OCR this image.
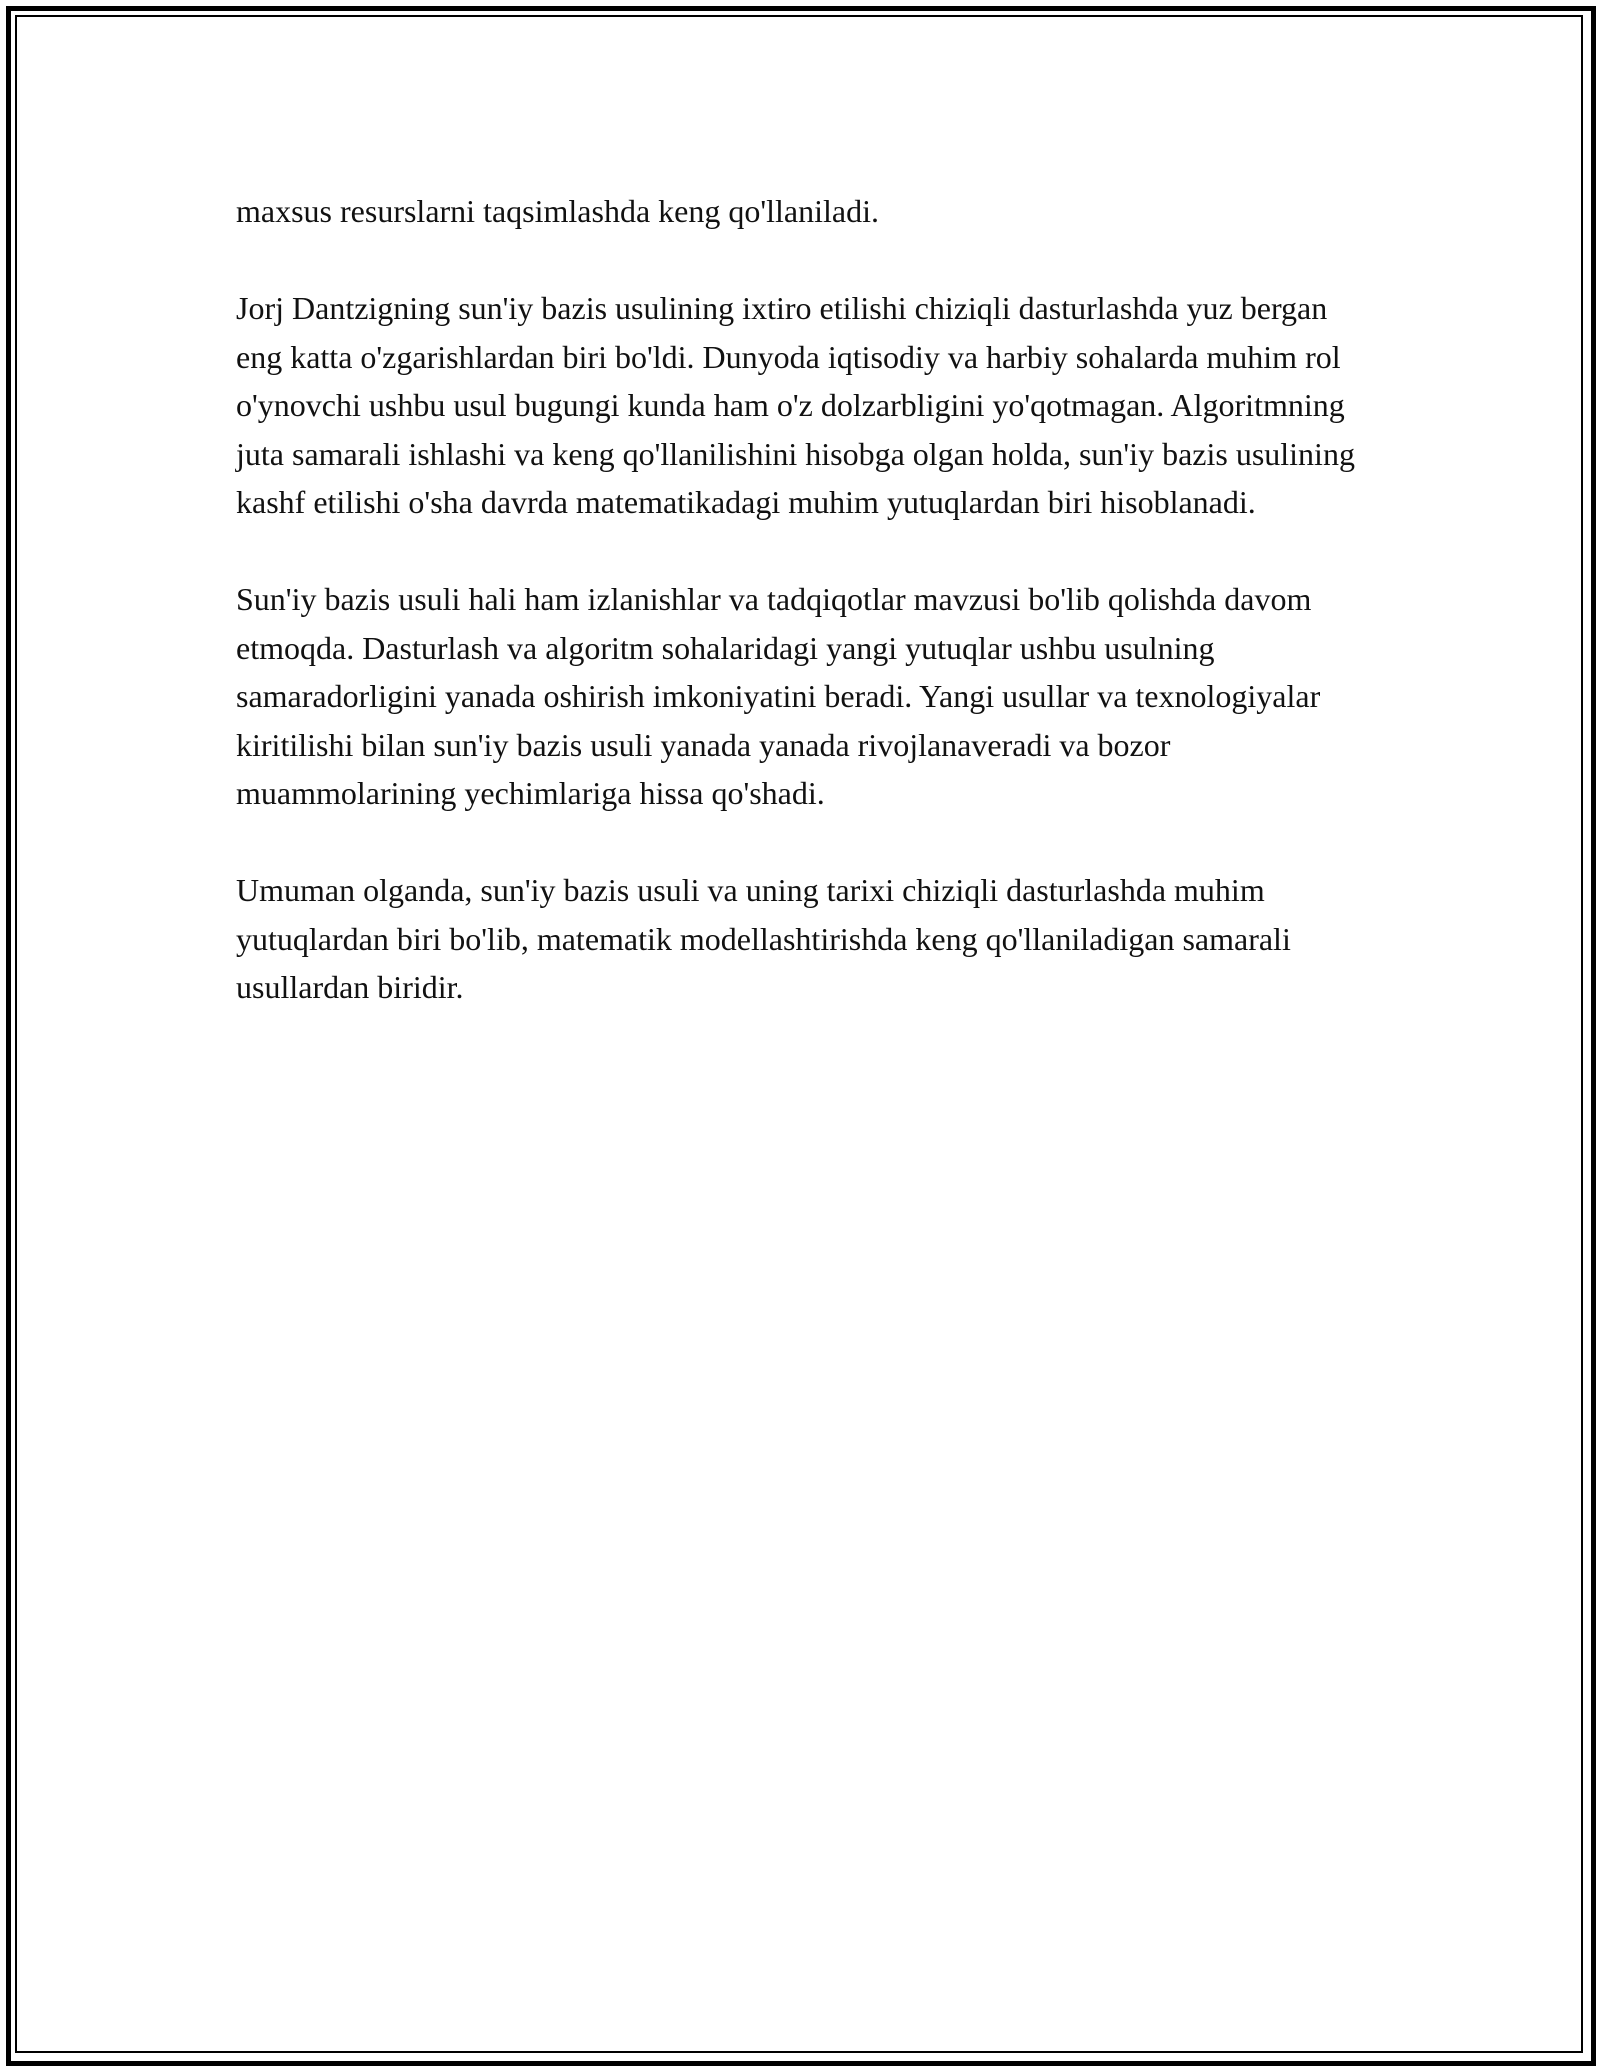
maxsus resurslarni taqsimlashda keng qo'llaniladi.

Jorj Dantzigning sun'iy bazis usulining ixtiro etilishi chiziqli dasturlashda yuz bergan eng katta o'zgarishlardan biri bo'ldi. Dunyoda iqtisodiy va harbiy sohalarda muhim rol o'ynovchi ushbu usul bugungi kunda ham o'z dolzarbligini yo'qotmagan. Algoritmning juta samarali ishlashi va keng qo'llanilishini hisobga olgan holda, sun'iy bazis usulining kashf etilishi o'sha davrda matematikadagi muhim yutuqlardan biri hisoblanadi.

Sun'iy bazis usuli hali ham izlanishlar va tadqiqotlar mavzusi bo'lib qolishda davom etmoqda. Dasturlash va algoritm sohalaridagi yangi yutuqlar ushbu usulning samaradorligini yanada oshirish imkoniyatini beradi. Yangi usullar va texnologiyalar kiritilishi bilan sun'iy bazis usuli yanada yanada rivojlanaveradi va bozor muammolarining yechimlariga hissa qo'shadi.

Umuman olganda, sun'iy bazis usuli va uning tarixi chiziqli dasturlashda muhim yutuqlardan biri bo'lib, matematik modellashtirishda keng qo'llaniladigan samarali usullardan biridir.
